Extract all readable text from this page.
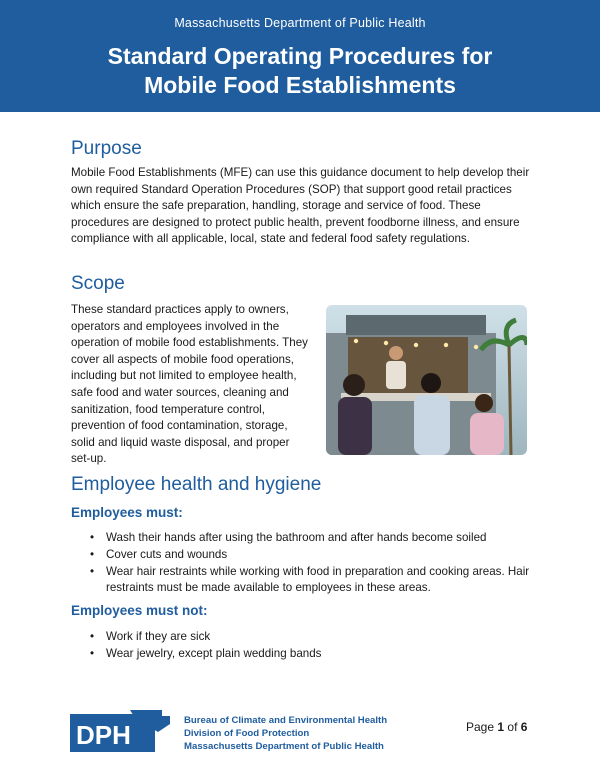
Massachusetts Department of Public Health
Standard Operating Procedures for
Mobile Food Establishments
Purpose

Mobile Food Establishments (MFE) can use this guidance document to help develop their own required Standard Operation Procedures (SOP) that support good retail practices which ensure the safe preparation, handling, storage and service of food. These procedures are designed to protect public health, prevent foodborne illness, and ensure compliance with all applicable, local, state and federal food safety regulations.

Scope

These standard practices apply to owners, operators and employees involved in the operation of mobile food establishments. They cover all aspects of mobile food operations, including but not limited to employee health, safe food and water sources, cleaning and sanitization, food temperature control, prevention of food contamination, storage, solid and liquid waste disposal, and proper set-up.

Employee health and hygiene
Employees must:
• Wash their hands after using the bathroom and after hands become soiled
• Cover cuts and wounds
• Wear hair restraints while working with food in preparation and cooking areas. Hair restraints must be made available to employees in these areas.
Employees must not:
• Work if they are sick
• Wear jewelry, except plain wedding bands
DPH	Bureau of Climate and Environmental Health
Division of Food Protection
Massachusetts Department of Public Health
Page 1 of 6
